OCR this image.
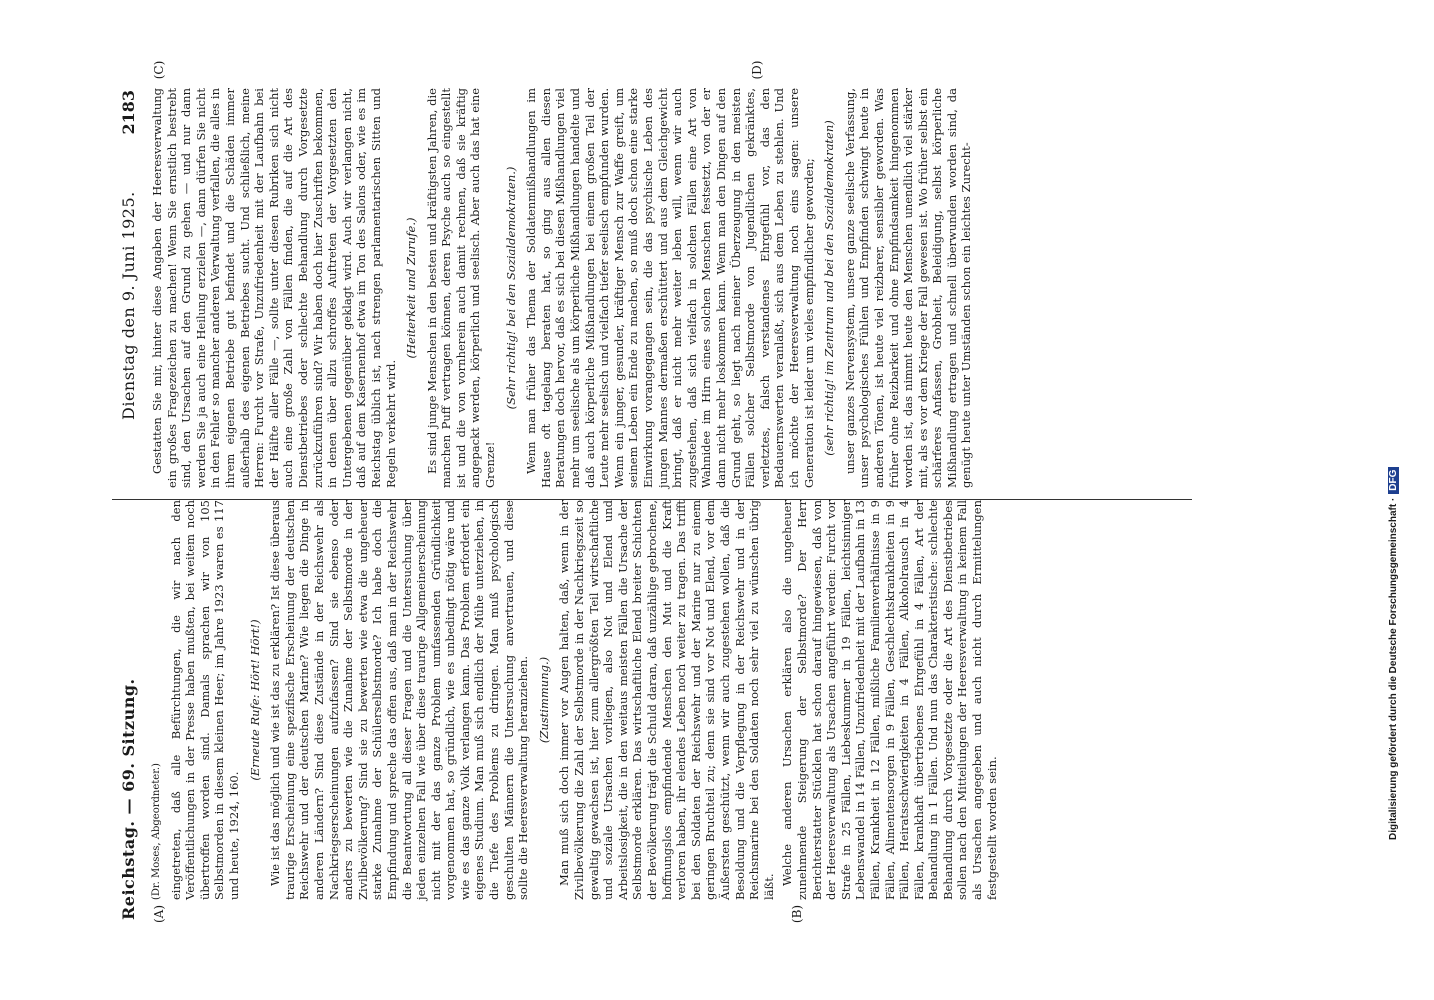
Reichstag. — 69. Sitzung.
Dienstag den 9. Juni 1925.
2183
(A)	(B)

(Dr. Moses, Abgeordneter.) eingetreten, daß alle Befürchtungen, die wir nach den Veröffentlichungen in der Presse haben mußten, bei weitem noch übertroffen worden sind. Damals sprachen wir von 105 Selbstmorden in diesem kleinen Heer; im Jahre 1923 waren es 117 und heute, 1924, 160.

(Erneute Rufe: Hört! Hört!) Wie ist das möglich und wie ist das zu erklären? Ist diese überaus traurige Erscheinung eine spezifische Erscheinung der deutschen Reichswehr und der deutschen Marine? Wie liegen die Dinge in anderen Ländern? Sind diese Zustände in der Reichswehr als Nachkriegserscheinungen aufzufassen? Sind sie ebenso oder anders zu bewerten wie die Zunahme der Selbstmorde in der Zivilbevölkerung? Sind sie zu bewerten wie etwa die ungeheuer starke Zunahme der Schülerselbstmorde? Ich habe doch die Empfindung und spreche das offen aus, daß man in der Reichswehr die Beantwortung all dieser Fragen und die Untersuchung über jeden einzelnen Fall wie über diese traurige Allgemeinerscheinung nicht mit der das ganze Problem umfassenden Gründlichkeit vorgenommen hat, so gründlich, wie es unbedingt nötig wäre und wie es das ganze Volk verlangen kann. Das Problem erfordert ein eigenes Studium. Man muß sich endlich der Mühe unterziehen, in die Tiefe des Problems zu dringen. Man muß psychologisch geschulten Männern die Untersuchung anvertrauen, und diese sollte die Heeresverwaltung heranziehen. (Zustimmung.) Man muß sich doch immer vor Augen halten, daß, wenn in der Zivilbevölkerung die Zahl der Selbstmorde in der Nachkriegszeit so gewaltig gewachsen ist, hier zum allergrößten Teil wirtschaftliche und soziale Ursachen vorliegen, also Not und Elend und Arbeitslosigkeit, die in den weitaus meisten Fällen die Ursache der Selbstmorde erklären. Das wirtschaftliche Elend breiter Schichten der Bevölkerung trägt die Schuld daran, daß unzählige gebrochene, hoffnungslos empfindende Menschen den Mut und die Kraft verloren haben, ihr elendes Leben noch weiter zu tragen. Das trifft bei den Soldaten der Reichswehr und der Marine nur zu einem geringen Bruchteil zu; denn sie sind vor Not und Elend, vor dem Äußersten geschützt, wenn wir auch zugestehen wollen, daß die Besoldung und die Verpflegung in der Reichswehr und in der Reichsmarine bei den Soldaten noch sehr viel zu wünschen übrig läßt.

Welche anderen Ursachen erklären also die ungeheuer zunehmende Steigerung der Selbstmorde? Der Herr Berichterstatter Stücklen hat schon darauf hingewiesen, daß von der Heeresverwaltung als Ursachen angeführt werden: Furcht vor Strafe in 25 Fällen, Liebeskummer in 19 Fällen, leichtsinniger Lebenswandel in 14 Fällen, Unzufriedenheit mit der Laufbahn in 13 Fällen, Krankheit in 12 Fällen, mißliche Familienverhältnisse in 9 Fällen, Alimentensorgen in 9 Fällen, Geschlechtskrankheiten in 9 Fällen, Heiratsschwierigkeiten in 4 Fällen, Alkoholrausch in 4 Fällen, krankhaft übertriebenes Ehrgefühl in 4 Fällen, Art der Behandlung in 1 Fällen. Und nun das Charakteristische: schlechte Behandlung durch Vorgesetzte oder die Art des Dienstbetriebes sollen nach den Mitteilungen der Heeresverwaltung in keinem Fall als Ursachen angegeben und auch nicht durch Ermittelungen festgestellt worden sein.

(C)	(D)

Gestatten Sie mir, hinter diese Angaben der Heeresverwaltung ein großes Fragezeichen zu machen! Wenn Sie ernstlich bestrebt sind, den Ursachen auf den Grund zu gehen — und nur dann werden Sie ja auch eine Heilung erzielen —, dann dürfen Sie nicht in den Fehler so mancher anderen Verwaltung verfallen, die alles in ihrem eigenen Betriebe gut befindet und die Schäden immer außerhalb des eigenen Betriebes sucht. Und schließlich, meine Herren: Furcht vor Strafe, Unzufriedenheit mit der Laufbahn bei der Hälfte aller Fälle —, sollte unter diesen Rubriken sich nicht auch eine große Zahl von Fällen finden, die auf die Art des Dienstbetriebes oder schlechte Behandlung durch Vorgesetzte zurückzuführen sind? Wir haben doch hier Zuschriften bekommen, in denen über allzu schroffes Auftreten der Vorgesetzten den Untergebenen gegenüber geklagt wird. Auch wir verlangen nicht, daß auf dem Kasernenhof etwa im Ton des Salons oder, wie es im Reichstag üblich ist, nach strengen parlamentarischen Sitten und Regeln verkehrt wird.

(Heiterkeit und Zurufe.) Es sind junge Menschen in den besten und kräftigsten Jahren, die manchen Puff vertragen können, deren Psyche auch so eingestellt ist und die von vornherein auch damit rechnen, daß sie kräftig angepackt werden, körperlich und seelisch. Aber auch das hat eine Grenze!

(Sehr richtig! bei den Sozialdemokraten.) Wenn man früher das Thema der Soldatenmißhandlungen im Hause oft tagelang beraten hat, so ging aus allen diesen Beratungen doch hervor, daß es sich bei diesen Mißhandlungen viel mehr um seelische als um körperliche Mißhandlungen handelte und daß auch körperliche Mißhandlungen bei einem großen Teil der Leute mehr seelisch und vielfach tiefer seelisch empfunden wurden. Wenn ein junger, gesunder, kräftiger Mensch zur Waffe greift, um seinem Leben ein Ende zu machen, so muß doch schon eine starke Einwirkung vorangegangen sein, die das psychische Leben des jungen Mannes dermaßen erschüttert und aus dem Gleichgewicht bringt, daß er nicht mehr weiter leben will, wenn wir auch zugestehen, daß sich vielfach in solchen Fällen eine Art von Wahnidee im Hirn eines solchen Menschen festsetzt, von der er dann nicht mehr loskommen kann. Wenn man den Dingen auf den Grund geht, so liegt nach meiner Überzeugung in den meisten Fällen solcher Selbstmorde von Jugendlichen gekränktes, verletztes, falsch verstandenes Ehrgefühl vor, das den Bedauernswerten veranlaßt, sich aus dem Leben zu stehlen. Und ich möchte der Heeresverwaltung noch eins sagen: unsere Generation ist leider um vieles empfindlicher geworden; (sehr richtig! im Zentrum und bei den Sozialdemokraten) unser ganzes Nervensystem, unsere ganze seelische Verfassung, unser psychologisches Fühlen und Empfinden schwingt heute in anderen Tönen, ist heute viel reizbarer, sensibler geworden. Was früher ohne Reizbarkeit und ohne Empfindsamkeit hingenommen worden ist, das nimmt heute den Menschen unendlich viel stärker mit, als es vor dem Kriege der Fall gewesen ist. Wo früher selbst ein schärferes Anfassen, Grobheit, Beleidigung, selbst körperliche Mißhandlung ertragen und schnell überwunden worden sind, da genügt heute unter Umständen schon ein leichtes Zurecht-

Digitalisierung gefördert durch die Deutsche Forschungsgemeinschaft ·DFG
